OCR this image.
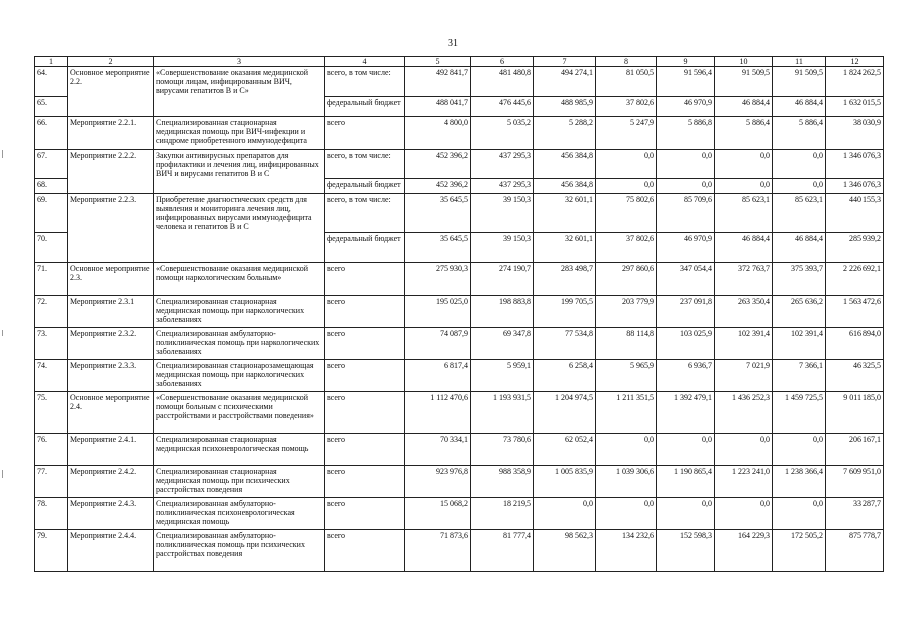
31
1	2	3	4	5	6	7	8	9	10	11	12
64.	Основное мероприятие 2.2.	«Совершенствование оказания медицинской помощи лицам, инфицированным ВИЧ, вирусами гепатитов В и С»	всего, в том числе:	492 841,7	481 480,8	494 274,1	81 050,5	91 596,4	91 509,5	91 509,5	1 824 262,5
65.			федеральный бюджет	488 041,7	476 445,6	488 985,9	37 802,6	46 970,9	46 884,4	46 884,4	1 632 015,5
66.	Мероприятие 2.2.1.	Специализированная стационарная медицинская помощь при ВИЧ-инфекции и синдроме приобретенного иммунодефицита	всего	4 800,0	5 035,2	5 288,2	5 247,9	5 886,8	5 886,4	5 886,4	38 030,9
67.	Мероприятие 2.2.2.	Закупки антивирусных препаратов для профилактики и лечения лиц, инфицированных ВИЧ и вирусами гепатитов В и С	всего, в том числе:	452 396,2	437 295,3	456 384,8	0,0	0,0	0,0	0,0	1 346 076,3
68.			федеральный бюджет	452 396,2	437 295,3	456 384,8	0,0	0,0	0,0	0,0	1 346 076,3
69.	Мероприятие 2.2.3.	Приобретение диагностических средств для выявления и мониторинга лечения лиц, инфицированных вирусами иммунодефицита человека и гепатитов В и С	всего, в том числе:	35 645,5	39 150,3	32 601,1	75 802,6	85 709,6	85 623,1	85 623,1	440 155,3
70.			федеральный бюджет	35 645,5	39 150,3	32 601,1	37 802,6	46 970,9	46 884,4	46 884,4	285 939,2
71.	Основное мероприятие 2.3.	«Совершенствование оказания медицинской помощи наркологическим больным»	всего	275 930,3	274 190,7	283 498,7	297 860,6	347 054,4	372 763,7	375 393,7	2 226 692,1
72.	Мероприятие 2.3.1	Специализированная стационарная медицинская помощь при наркологических заболеваниях	всего	195 025,0	198 883,8	199 705,5	203 779,9	237 091,8	263 350,4	265 636,2	1 563 472,6
73.	Мероприятие 2.3.2.	Специализированная амбулаторно-поликлиническая помощь при наркологических заболеваниях	всего	74 087,9	69 347,8	77 534,8	88 114,8	103 025,9	102 391,4	102 391,4	616 894,0
74.	Мероприятие 2.3.3.	Специализированная стационарозамещающая медицинская помощь при наркологических заболеваниях	всего	6 817,4	5 959,1	6 258,4	5 965,9	6 936,7	7 021,9	7 366,1	46 325,5
75.	Основное мероприятие 2.4.	«Совершенствование оказания медицинской помощи больным с психическими расстройствами и расстройствами поведения»	всего	1 112 470,6	1 193 931,5	1 204 974,5	1 211 351,5	1 392 479,1	1 436 252,3	1 459 725,5	9 011 185,0
76.	Мероприятие 2.4.1.	Специализированная стационарная медицинская психоневрологическая помощь	всего	70 334,1	73 780,6	62 052,4	0,0	0,0	0,0	0,0	206 167,1
77.	Мероприятие 2.4.2.	Специализированная стационарная медицинская помощь при психических расстройствах поведения	всего	923 976,8	988 358,9	1 005 835,9	1 039 306,6	1 190 865,4	1 223 241,0	1 238 366,4	7 609 951,0
78.	Мероприятие 2.4.3.	Специализированная амбулаторно-поликлиническая психоневрологическая медицинская помощь	всего	15 068,2	18 219,5	0,0	0,0	0,0	0,0	0,0	33 287,7
79.	Мероприятие 2.4.4.	Специализированная амбулаторно-поликлиническая помощь при психических расстройствах поведения	всего	71 873,6	81 777,4	98 562,3	134 232,6	152 598,3	164 229,3	172 505,2	875 778,7
